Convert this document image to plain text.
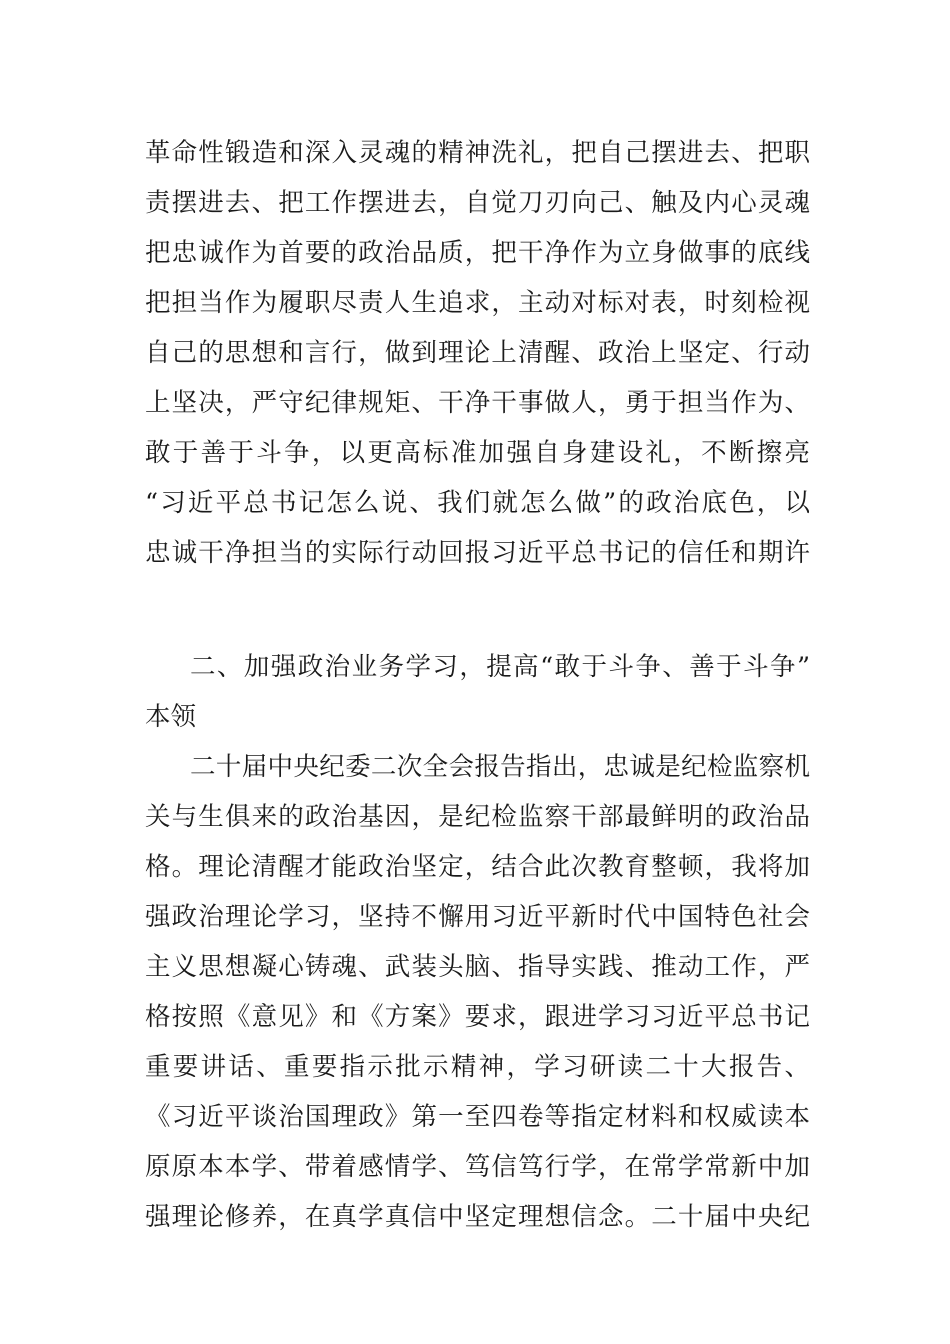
革命性锻造和深入灵魂的精神洗礼，把自己摆进去、把职
责摆进去、把工作摆进去，自觉刀刃向己、触及内心灵魂
把忠诚作为首要的政治品质，把干净作为立身做事的底线
把担当作为履职尽责人生追求，主动对标对表，时刻检视
自己的思想和言行，做到理论上清醒、政治上坚定、行动
上坚决，严守纪律规矩、干净干事做人，勇于担当作为、
敢于善于斗争，以更高标准加强自身建设礼，不断擦亮
“习近平总书记怎么说、我们就怎么做”的政治底色，以
忠诚干净担当的实际行动回报习近平总书记的信任和期许
二、加强政治业务学习，提高“敢于斗争、善于斗争”
本领
二十届中央纪委二次全会报告指出，忠诚是纪检监察机
关与生俱来的政治基因，是纪检监察干部最鲜明的政治品
格。理论清醒才能政治坚定，结合此次教育整顿，我将加
强政治理论学习，坚持不懈用习近平新时代中国特色社会
主义思想凝心铸魂、武装头脑、指导实践、推动工作，严
格按照《意见》和《方案》要求，跟进学习习近平总书记
重要讲话、重要指示批示精神，学习研读二十大报告、
《习近平谈治国理政》第一至四卷等指定材料和权威读本
原原本本学、带着感情学、笃信笃行学，在常学常新中加
强理论修养，在真学真信中坚定理想信念。二十届中央纪
